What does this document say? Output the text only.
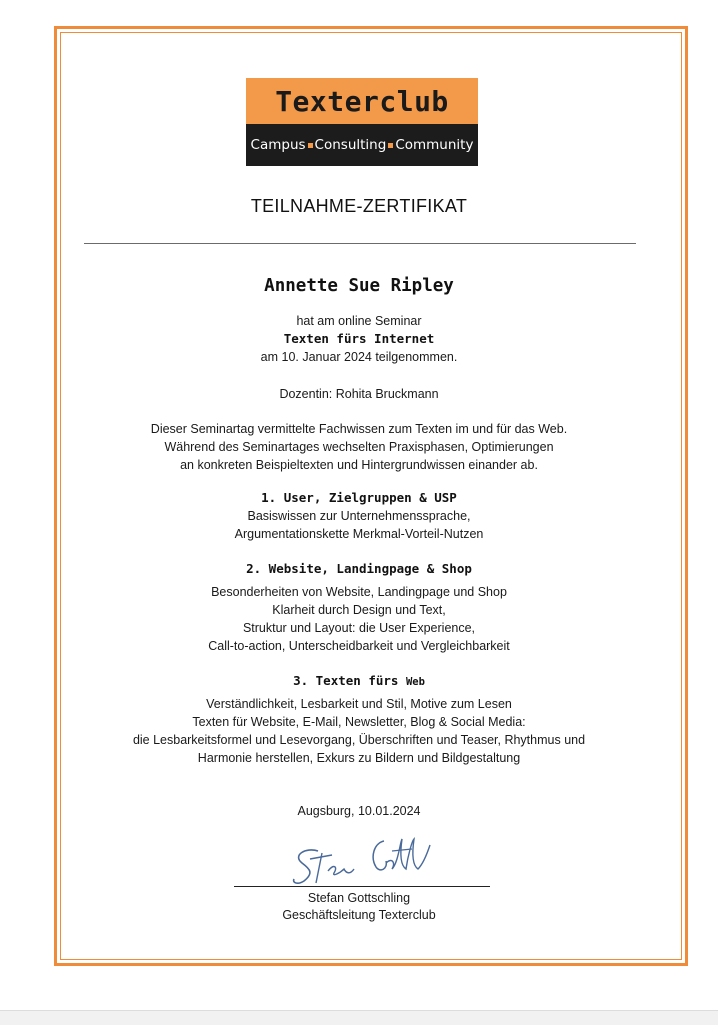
Texterclub
Campus Consulting Community
TEILNAHME-ZERTIFIKAT
Annette Sue Ripley
hat am online Seminar
Texten fürs Internet
am 10. Januar 2024 teilgenommen.
Dozentin: Rohita Bruckmann
Dieser Seminartag vermittelte Fachwissen zum Texten im und für das Web.
Während des Seminartages wechselten Praxisphasen, Optimierungen
an konkreten Beispieltexten und Hintergrundwissen einander ab.
1. User, Zielgruppen & USP
Basiswissen zur Unternehmenssprache,
Argumentationskette Merkmal-Vorteil-Nutzen
2. Website, Landingpage & Shop
Besonderheiten von Website, Landingpage und Shop
Klarheit durch Design und Text,
Struktur und Layout: die User Experience,
Call-to-action, Unterscheidbarkeit und Vergleichbarkeit
3. Texten fürs Web
Verständlichkeit, Lesbarkeit und Stil, Motive zum Lesen
Texten für Website, E-Mail, Newsletter, Blog & Social Media:
die Lesbarkeitsformel und Lesevorgang, Überschriften und Teaser, Rhythmus und
Harmonie herstellen, Exkurs zu Bildern und Bildgestaltung
Augsburg, 10.01.2024
Stefan Gottschling
Geschäftsleitung Texterclub
